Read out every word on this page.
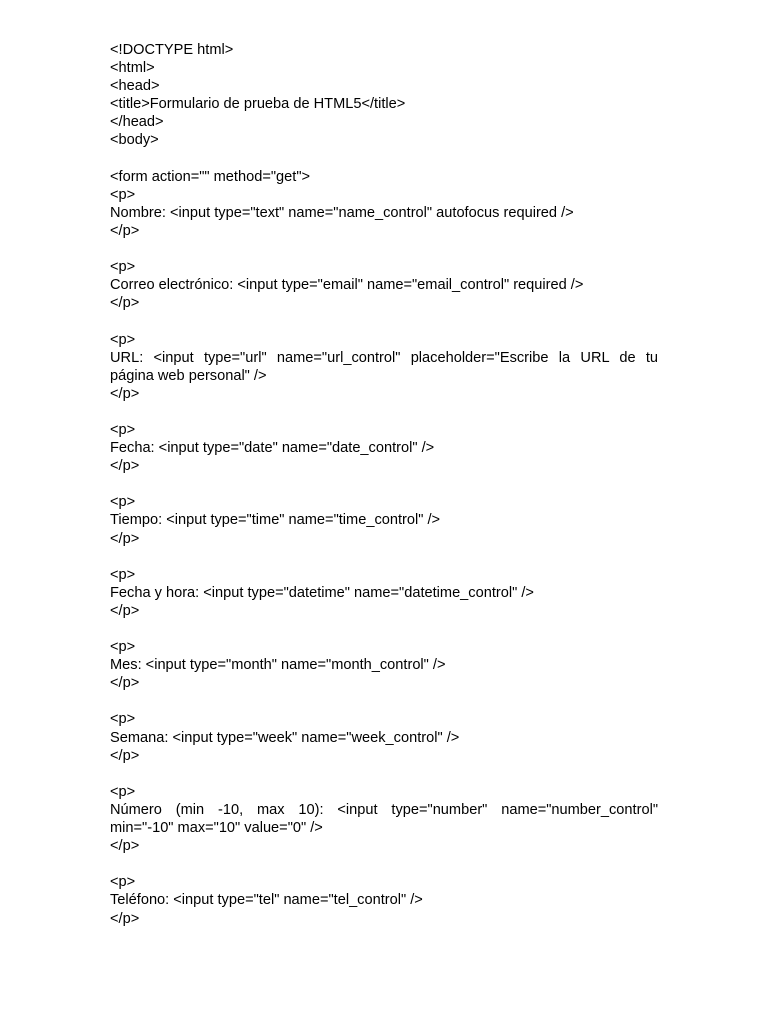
<!DOCTYPE html>
<html>
<head>
<title>Formulario de prueba de HTML5</title>
</head>
<body>
<form action="" method="get">
<p>
Nombre: <input type="text" name="name_control" autofocus required />
</p>
<p>
Correo electrónico: <input type="email" name="email_control" required />
</p>
<p>
URL: <input type="url" name="url_control" placeholder="Escribe la URL de tu
página web personal" />
</p>
<p>
Fecha: <input type="date" name="date_control" />
</p>
<p>
Tiempo: <input type="time" name="time_control" />
</p>
<p>
Fecha y hora: <input type="datetime" name="datetime_control" />
</p>
<p>
Mes: <input type="month" name="month_control" />
</p>
<p>
Semana: <input type="week" name="week_control" />
</p>
<p>
Número (min -10, max 10): <input type="number" name="number_control"
min="-10" max="10" value="0" />
</p>
<p>
Teléfono: <input type="tel" name="tel_control" />
</p>
